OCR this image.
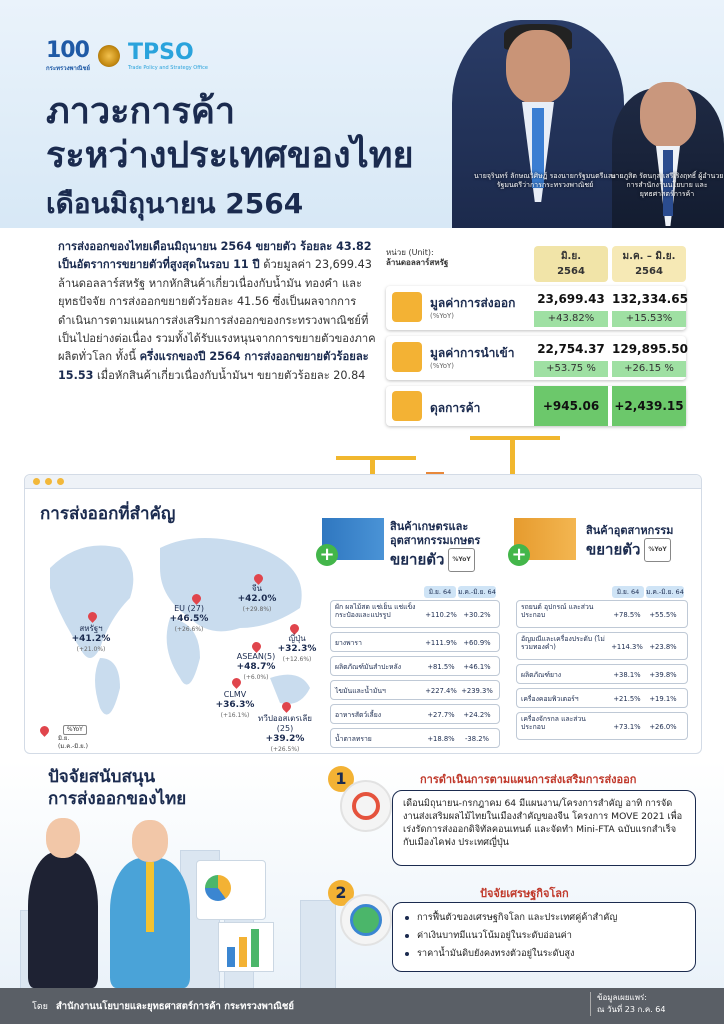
100
กระทรวงพาณิชย์
TPSO
Trade Policy and Strategy Office
ภาวะการค้า
ระหว่างประเทศของไทย
เดือนมิถุนายน 2564
นายจุรินทร์ ลักษณวิศิษฏ์ รองนายกรัฐมนตรีและ รัฐมนตรีว่าการกระทรวงพาณิชย์
นายภูสิต รัตนกุล เสรีเริงฤทธิ์ ผู้อำนวยการสำนักงานนโยบาย และยุทธศาสตร์การค้า
การส่งออกของไทยเดือนมิถุนายน 2564 ขยายตัว ร้อยละ 43.82 เป็นอัตราการขยายตัวที่สูงสุดในรอบ 11 ปี ด้วยมูลค่า 23,699.43 ล้านดอลลาร์สหรัฐ หากหักสินค้าเกี่ยวเนื่องกับน้ำมัน ทองคำ และยุทธปัจจัย การส่งออกขยายตัวร้อยละ 41.56 ซึ่งเป็นผลจากการดำเนินการตามแผนการส่งเสริมการส่งออกของกระทรวงพาณิชย์ที่เป็นไปอย่างต่อเนื่อง รวมทั้งได้รับแรงหนุนจากการขยายตัวของภาคผลิตทั่วโลก ทั้งนี้ ครึ่งแรกของปี 2564 การส่งออกขยายตัวร้อยละ 15.53 เมื่อหักสินค้าเกี่ยวเนื่องกับน้ำมันฯ ขยายตัวร้อยละ 20.84
หน่วย (Unit):
ล้านดอลลาร์สหรัฐ
มิ.ย.
2564
ม.ค. – มิ.ย.
2564
มูลค่าการส่งออก
(%YoY)
23,699.43 132,334.65
+43.82%	+15.53%
มูลค่าการนำเข้า
(%YoY)
22,754.37 129,895.50
+53.75 %	+26.15 %
ดุลการค้า	+945.06	+2,439.15
การส่งออกที่สำคัญ
สหรัฐฯ
+41.2%
(+21.0%)
EU (27)
+46.5%
(+26.6%)
จีน
+42.0%
(+29.8%)
ญี่ปุ่น
+32.3%
(+12.6%)
ASEAN(5)
+48.7%
(+6.0%)
CLMV
+36.3%
(+16.1%)	ทวีปออสเตรเลีย (25)
+39.2%
(+26.5%)
%YoY
มิ.ย.
(ม.ค.-มิ.ย.)
+
สินค้าเกษตรและ
อุตสาหกรรมเกษตร
ขยายตัว %YoY
มิ.ย. 64	ม.ค.-มิ.ย. 64
ผัก ผลไม้สด แช่เย็น แช่แข็ง กระป๋องและแปรรูป	+110.2% +30.2%
ยางพารา	+111.9% +60.9%
ผลิตภัณฑ์มันสำปะหลัง	+81.5%	+46.1%
ไขมันและน้ำมันฯ	+227.4% +239.3%
อาหารสัตว์เลี้ยง	+27.7%	+24.2%
น้ำตาลทราย	+18.8%	-38.2%
+
สินค้าอุตสาหกรรม
ขยายตัว %YoY
มิ.ย. 64	ม.ค.-มิ.ย. 64
รถยนต์ อุปกรณ์ และส่วนประกอบ	+78.5%	+55.5%
อัญมณีและเครื่องประดับ (ไม่รวมทองคำ)	+114.3% +23.8%
ผลิตภัณฑ์ยาง	+38.1%	+39.8%
เครื่องคอมพิวเตอร์ฯ	+21.5%	+19.1%
เครื่องจักรกล และส่วนประกอบ	+73.1%	+26.0%
ปัจจัยสนับสนุน
การส่งออกของไทย
1	การดำเนินการตามแผนการส่งเสริมการส่งออก
เดือนมิถุนายน-กรกฎาคม 64 มีแผนงาน/โครงการสำคัญ อาทิ การจัดงานส่งเสริมผลไม้ไทยในเมืองสำคัญของจีน โครงการ MOVE 2021 เพื่อเร่งรัดการส่งออกดิจิทัลคอนเทนต์ และจัดทำ Mini-FTA ฉบับแรกสำเร็จกับเมืองไคฟง ประเทศญี่ปุ่น
2	ปัจจัยเศรษฐกิจโลก
การฟื้นตัวของเศรษฐกิจโลก และประเทศคู่ค้าสำคัญ
ค่าเงินบาทมีแนวโน้มอยู่ในระดับอ่อนค่า
ราคาน้ำมันดิบยังคงทรงตัวอยู่ในระดับสูง
โดย สำนักงานนโยบายและยุทธศาสตร์การค้า กระทรวงพาณิชย์
ข้อมูลเผยแพร่:
ณ วันที่ 23 ก.ค. 64
